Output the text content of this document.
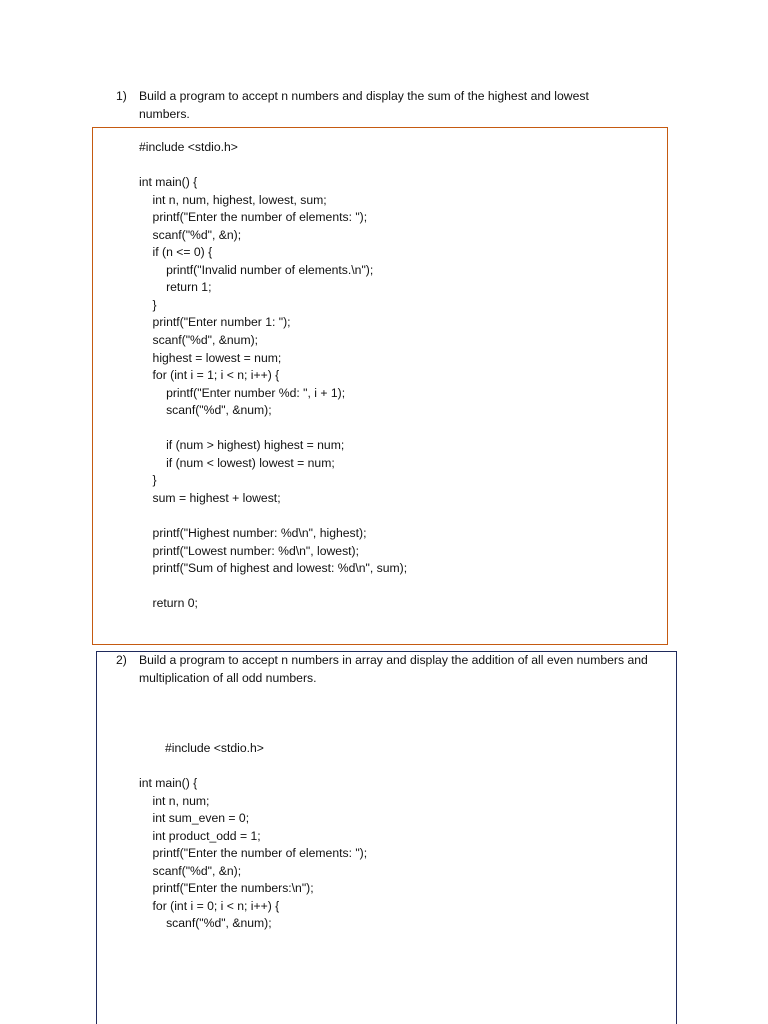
1) Build a program to accept n numbers and display the sum of the highest and lowest numbers.
#include <stdio.h>
int main() {
int n, num, highest, lowest, sum;
printf("Enter the number of elements: ");
scanf("%d", &n);
if (n <= 0) {
printf("Invalid number of elements.\n");
return 1;
}
printf("Enter number 1: ");
scanf("%d", &num);
highest = lowest = num;
for (int i = 1; i < n; i++) {
printf("Enter number %d: ", i + 1);
scanf("%d", &num);
if (num > highest) highest = num;
if (num < lowest) lowest = num;
}
sum = highest + lowest;
printf("Highest number: %d\n", highest);
printf("Lowest number: %d\n", lowest);
printf("Sum of highest and lowest: %d\n", sum);
return 0;
2) Build a program to accept n numbers in array and display the addition of all even numbers and multiplication of all odd numbers.
#include <stdio.h>
int main() {
int n, num;
int sum_even = 0;
int product_odd = 1;
printf("Enter the number of elements: ");
scanf("%d", &n);
printf("Enter the numbers:\n");
for (int i = 0; i < n; i++) {
scanf("%d", &num);
